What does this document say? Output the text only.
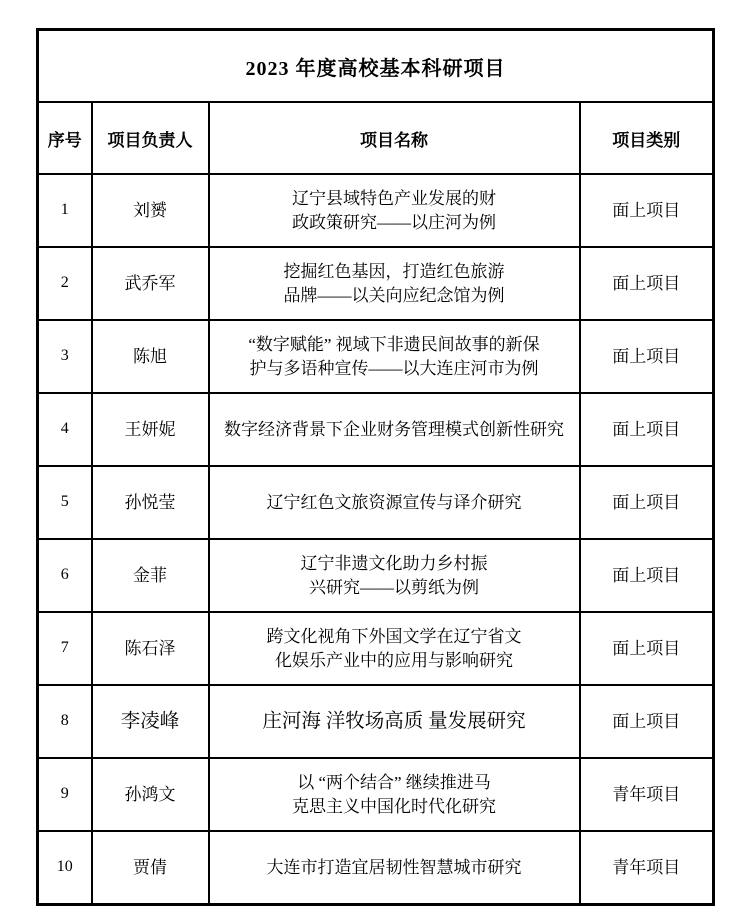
2023 年度高校基本科研项目			
序号	项目负责人	项目名称	项目类别
1	刘赟	辽宁县域特色产业发展的财政政策研究——以庄河为例	面上项目
2	武乔军	挖掘红色基因，打造红色旅游品牌——以关向应纪念馆为例	面上项目
3	陈旭	“数字赋能” 视域下非遗民间故事的新保护与多语种宣传——以大连庄河市为例	面上项目
4	王妍妮	数字经济背景下企业财务管理模式创新性研究	面上项目
5	孙悦莹	辽宁红色文旅资源宣传与译介研究	面上项目
6	金菲	辽宁非遗文化助力乡村振兴研究——以剪纸为例	面上项目
7	陈石泽	跨文化视角下外国文学在辽宁省文化娱乐产业中的应用与影响研究	面上项目
8	李凌峰	庄河海 洋牧场高质 量发展研究	面上项目
9	孙鸿文	以 “两个结合” 继续推进马克思主义中国化时代化研究	青年项目
10	贾倩	大连市打造宜居韧性智慧城市研究	青年项目
